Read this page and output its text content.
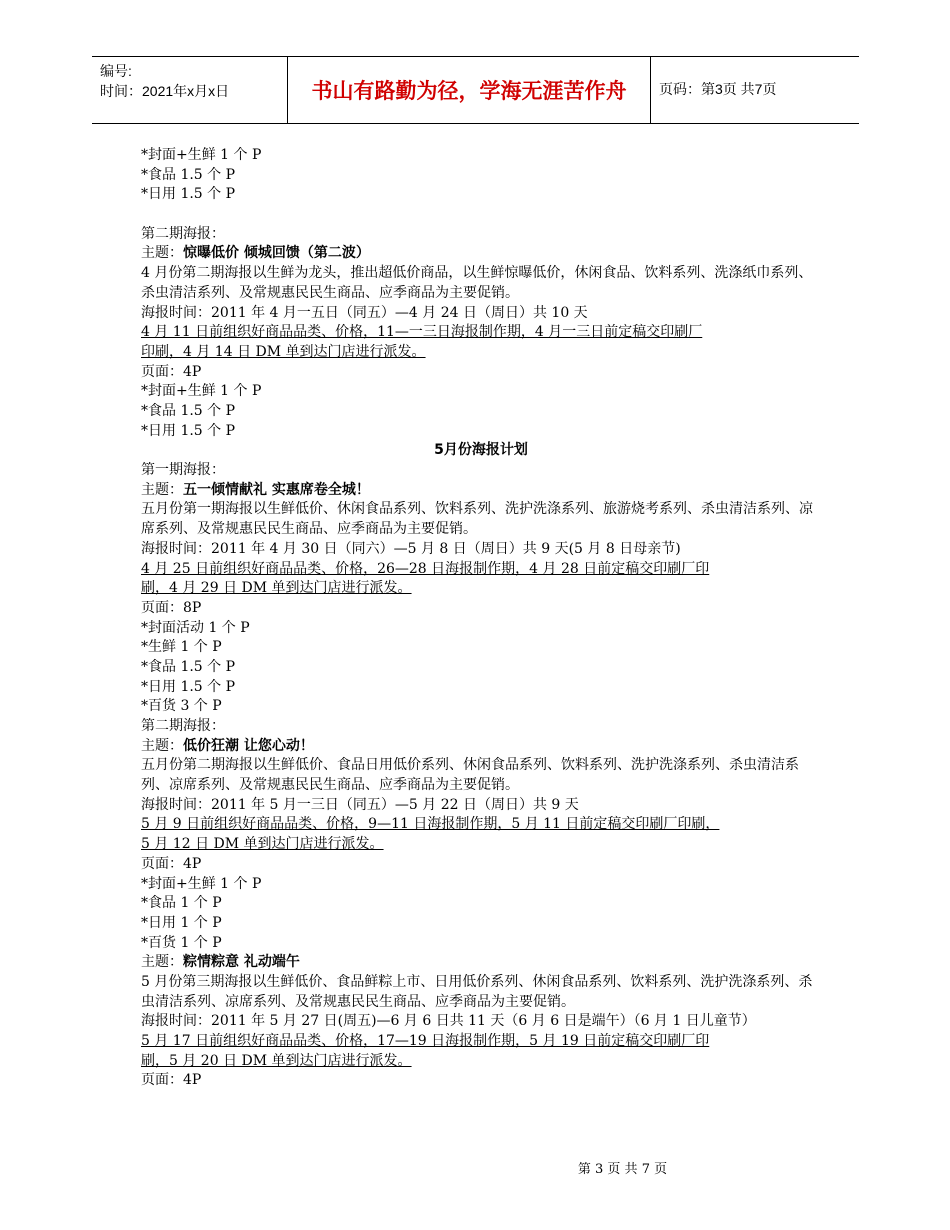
编号:
时间：2021年x月x日	书山有路勤为径，学海无涯苦作舟	页码：第3页 共7页
*封面+生鲜 1 个 P
*食品 1.5 个 P
*日用 1.5 个 P
第二期海报：
主题：惊曝低价 倾城回馈（第二波）
4 月份第二期海报以生鲜为龙头，推出超低价商品，以生鲜惊曝低价，休闲食品、饮料系列、洗涤纸巾系列、杀虫清洁系列、及常规惠民民生商品、应季商品为主要促销。
海报时间：2011 年 4 月一五日（同五）—4 月 24 日（周日）共 10 天
4 月 11 日前组织好商品品类、价格，11—一三日海报制作期，4 月一三日前定稿交印刷厂
印刷，4 月 14 日 DM 单到达门店进行派发。
页面：4P
*封面+生鲜 1 个 P
*食品 1.5 个 P
*日用 1.5 个 P
5月份海报计划
第一期海报：
主题：五一倾情献礼 实惠席卷全城！
五月份第一期海报以生鲜低价、休闲食品系列、饮料系列、洗护洗涤系列、旅游烧考系列、杀虫清洁系列、凉席系列、及常规惠民民生商品、应季商品为主要促销。
海报时间：2011 年 4 月 30 日（同六）—5 月 8 日（周日）共 9 天(5 月 8 日母亲节)
4 月 25 日前组织好商品品类、价格，26—28 日海报制作期，4 月 28 日前定稿交印刷厂印
刷，4 月 29 日 DM 单到达门店进行派发。
页面：8P
*封面活动 1 个 P
*生鲜 1 个 P
*食品 1.5 个 P
*日用 1.5 个 P
*百货 3 个 P
第二期海报：
主题：低价狂潮 让您心动！
五月份第二期海报以生鲜低价、食品日用低价系列、休闲食品系列、饮料系列、洗护洗涤系列、杀虫清洁系列、凉席系列、及常规惠民民生商品、应季商品为主要促销。
海报时间：2011 年 5 月一三日（同五）—5 月 22 日（周日）共 9 天
5 月 9 日前组织好商品品类、价格，9—11 日海报制作期，5 月 11 日前定稿交印刷厂印刷，
5 月 12 日 DM 单到达门店进行派发。
页面：4P
*封面+生鲜 1 个 P
*食品 1 个 P
*日用 1 个 P
*百货 1 个 P
主题：粽情粽意 礼动端午
5 月份第三期海报以生鲜低价、食品鲜粽上市、日用低价系列、休闲食品系列、饮料系列、洗护洗涤系列、杀虫清洁系列、凉席系列、及常规惠民民生商品、应季商品为主要促销。
海报时间：2011 年 5 月 27 日(周五)—6 月 6 日共 11 天（6 月 6 日是端午）（6 月 1 日儿童节）
5 月 17 日前组织好商品品类、价格，17—19 日海报制作期，5 月 19 日前定稿交印刷厂印
刷，5 月 20 日 DM 单到达门店进行派发。
页面：4P
第 3 页 共 7 页
